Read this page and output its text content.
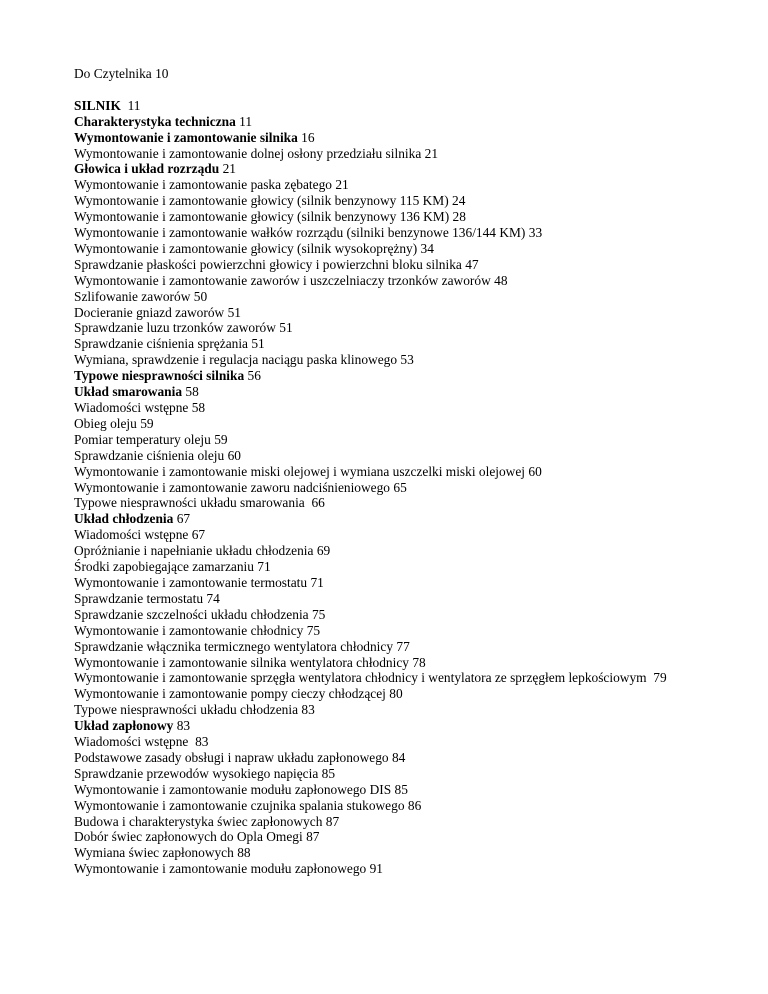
Do Czytelnika 10

SILNIK 11

Charakterystyka techniczna 11

Wymontowanie i zamontowanie silnika 16

Wymontowanie i zamontowanie dolnej osłony przedziału silnika 21

Głowica i układ rozrządu 21

Wymontowanie i zamontowanie paska zębatego 21

Wymontowanie i zamontowanie głowicy (silnik benzynowy 115 KM) 24

Wymontowanie i zamontowanie głowicy (silnik benzynowy 136 KM) 28

Wymontowanie i zamontowanie wałków rozrządu (silniki benzynowe 136/144 KM) 33

Wymontowanie i zamontowanie głowicy (silnik wysokoprężny) 34

Sprawdzanie płaskości powierzchni głowicy i powierzchni bloku silnika 47

Wymontowanie i zamontowanie zaworów i uszczelniaczy trzonków zaworów 48

Szlifowanie zaworów 50

Docieranie gniazd zaworów 51

Sprawdzanie luzu trzonków zaworów 51

Sprawdzanie ciśnienia sprężania 51

Wymiana, sprawdzenie i regulacja naciągu paska klinowego 53

Typowe niesprawności silnika 56

Układ smarowania 58

Wiadomości wstępne 58

Obieg oleju 59

Pomiar temperatury oleju 59

Sprawdzanie ciśnienia oleju 60

Wymontowanie i zamontowanie miski olejowej i wymiana uszczelki miski olejowej 60

Wymontowanie i zamontowanie zaworu nadciśnieniowego 65

Typowe niesprawności układu smarowania 66

Układ chłodzenia 67

Wiadomości wstępne 67

Opróżnianie i napełnianie układu chłodzenia 69

Środki zapobiegające zamarzaniu 71

Wymontowanie i zamontowanie termostatu 71

Sprawdzanie termostatu 74

Sprawdzanie szczelności układu chłodzenia 75

Wymontowanie i zamontowanie chłodnicy 75

Sprawdzanie włącznika termicznego wentylatora chłodnicy 77

Wymontowanie i zamontowanie silnika wentylatora chłodnicy 78

Wymontowanie i zamontowanie sprzęgła wentylatora chłodnicy i wentylatora ze sprzęgłem lepkościowym 79

Wymontowanie i zamontowanie pompy cieczy chłodzącej 80

Typowe niesprawności układu chłodzenia 83

Układ zapłonowy 83

Wiadomości wstępne 83

Podstawowe zasady obsługi i napraw układu zapłonowego 84

Sprawdzanie przewodów wysokiego napięcia 85

Wymontowanie i zamontowanie modułu zapłonowego DIS 85

Wymontowanie i zamontowanie czujnika spalania stukowego 86

Budowa i charakterystyka świec zapłonowych 87

Dobór świec zapłonowych do Opla Omegi 87

Wymiana świec zapłonowych 88

Wymontowanie i zamontowanie modułu zapłonowego 91
